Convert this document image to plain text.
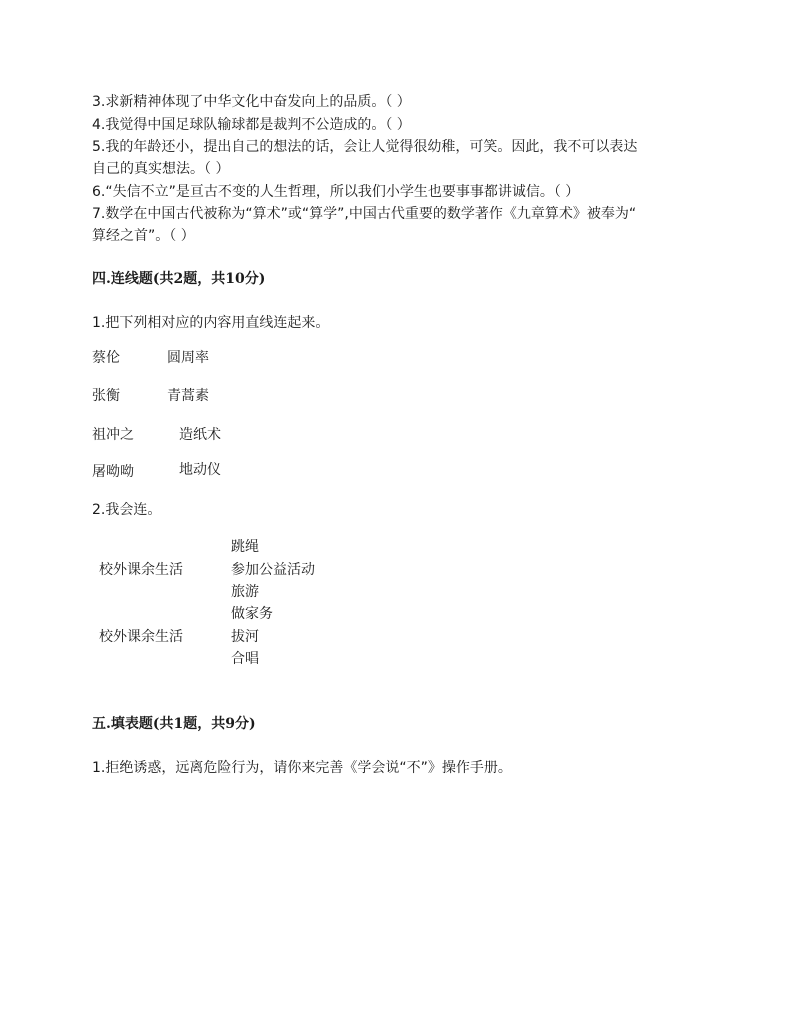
3.求新精神体现了中华文化中奋发向上的品质。（ ）
4.我觉得中国足球队输球都是裁判不公造成的。（ ）
5.我的年龄还小，提出自己的想法的话，会让人觉得很幼稚，可笑。因此，我不可以表达
自己的真实想法。（ ）
6.“失信不立”是亘古不变的人生哲理，所以我们小学生也要事事都讲诚信。（ ）
7.数学在中国古代被称为“算术”或“算学”,中国古代重要的数学著作《九章算术》被奉为“
算经之首”。（ ）
四.连线题(共2题，共10分)
1.把下列相对应的内容用直线连起来。
蔡伦	圆周率
张衡	青蒿素
祖冲之	造纸术
屠呦呦	地动仪
2.我会连。
校外课余生活
校外课余生活
跳绳
参加公益活动
旅游
做家务
拔河
合唱
五.填表题(共1题，共9分)
1.拒绝诱惑，远离危险行为，请你来完善《学会说“不”》操作手册。
